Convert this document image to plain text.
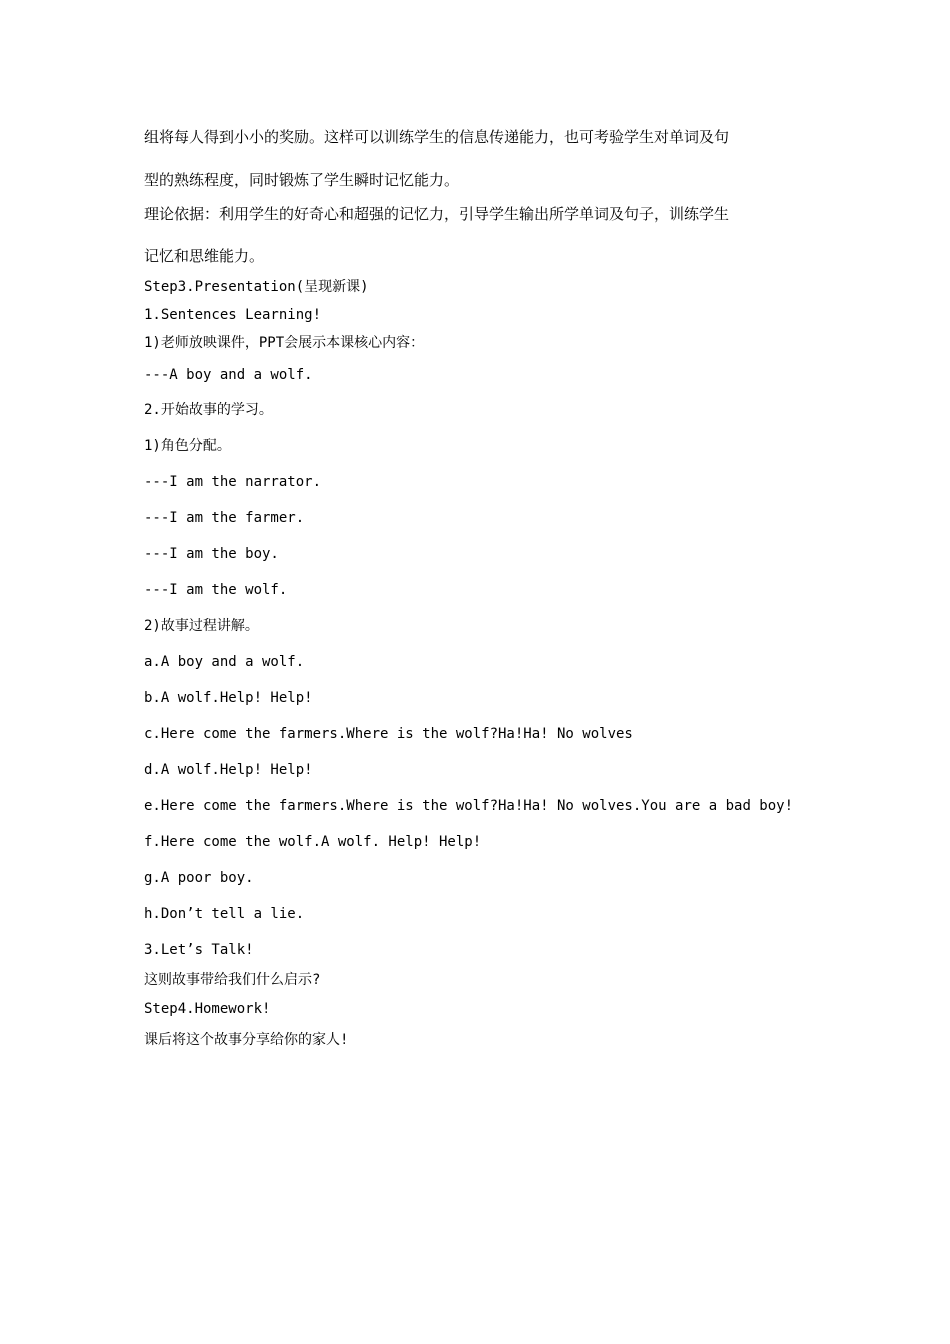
组将每人得到小小的奖励。这样可以训练学生的信息传递能力，也可考验学生对单词及句
型的熟练程度，同时锻炼了学生瞬时记忆能力。
理论依据：利用学生的好奇心和超强的记忆力，引导学生输出所学单词及句子，训练学生
记忆和思维能力。
Step3.Presentation(呈现新课)
1.Sentences Learning!
1)老师放映课件，PPT会展示本课核心内容：
---A boy and a wolf.
2.开始故事的学习。
1)角色分配。
---I am the narrator.
---I am the farmer.
---I am the boy.
---I am the wolf.
2)故事过程讲解。
a.A boy and a wolf.
b.A wolf.Help! Help!
c.Here come the farmers.Where is the wolf?Ha!Ha! No wolves
d.A wolf.Help! Help!
e.Here come the farmers.Where is the wolf?Ha!Ha! No wolves.You are a bad boy!
f.Here come the wolf.A wolf. Help! Help!
g.A poor boy.
h.Don’t tell a lie.
3.Let’s Talk!
这则故事带给我们什么启示?
Step4.Homework!
课后将这个故事分享给你的家人!
